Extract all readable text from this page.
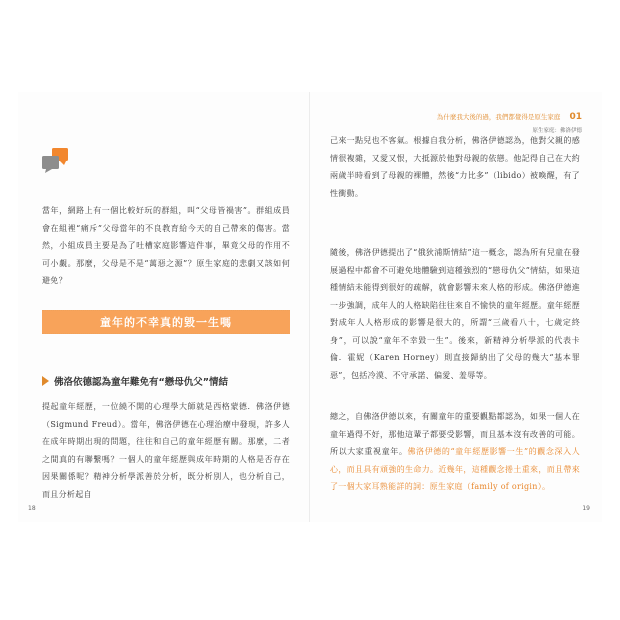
當年，網路上有一個比較好玩的群組，叫“父母皆禍害”。群組成員會在組裡“痛斥”父母當年的不良教育給今天的自己帶來的傷害。當然，小組成員主要是為了吐槽家庭影響這件事，畢竟父母的作用不可小覷。那麼，父母是不是“萬惡之源”？原生家庭的悲劇又該如何避免？

童年的不幸真的毀一生嗎
佛洛依德認為童年難免有“戀母仇父”情結

提起童年經歷，一位繞不開的心理學大師就是西格蒙德．佛洛伊德（Sigmund Freud）。當年，佛洛伊德在心理治療中發現，許多人在成年時期出現的問題，往往和自己的童年經歷有關。那麼，二者之間真的有聯繫嗎？一個人的童年經歷與成年時期的人格是否存在因果關係呢？精神分析學派善於分析，既分析別人，也分析自己，而且分析起自

18
為什麼我大後的過，我們都覺得是原生家庭 01
原生家庭：佛洛伊德

己來一點兒也不客氣。根據自我分析，佛洛伊德認為，他對父親的感情很複雜，又愛又恨，大抵源於他對母親的依戀。他記得自己在大約兩歲半時看到了母親的裸體，然後“力比多”（libido）被喚醒，有了性衝動。

隨後，佛洛伊德提出了“俄狄浦斯情結”這一概念，認為所有兒童在發展過程中都會不可避免地體驗到這種強烈的“戀母仇父”情結，如果這種情結未能得到很好的疏解，就會影響未來人格的形成。佛洛伊德進一步強調，成年人的人格缺陷往往來自不愉快的童年經歷。童年經歷對成年人人格形成的影響是很大的，所謂“三歲看八十，七歲定終身”，可以說“童年不幸毀一生”。後來，新精神分析學派的代表卡倫．霍妮（Karen Horney）則直接歸納出了父母的幾大“基本罪惡”，包括冷漠、不守承諾、偏愛、羞辱等。

總之，自佛洛伊德以來，有關童年的重要觀點都認為，如果一個人在童年過得不好，那他這輩子都要受影響，而且基本沒有改善的可能。所以大家重視童年。佛洛伊德的“童年經歷影響一生”的觀念深入人心，而且具有頑強的生命力。近幾年，這種觀念捲土重來，而且帶來了一個大家耳熟能詳的詞：原生家庭（family of origin）。

19
